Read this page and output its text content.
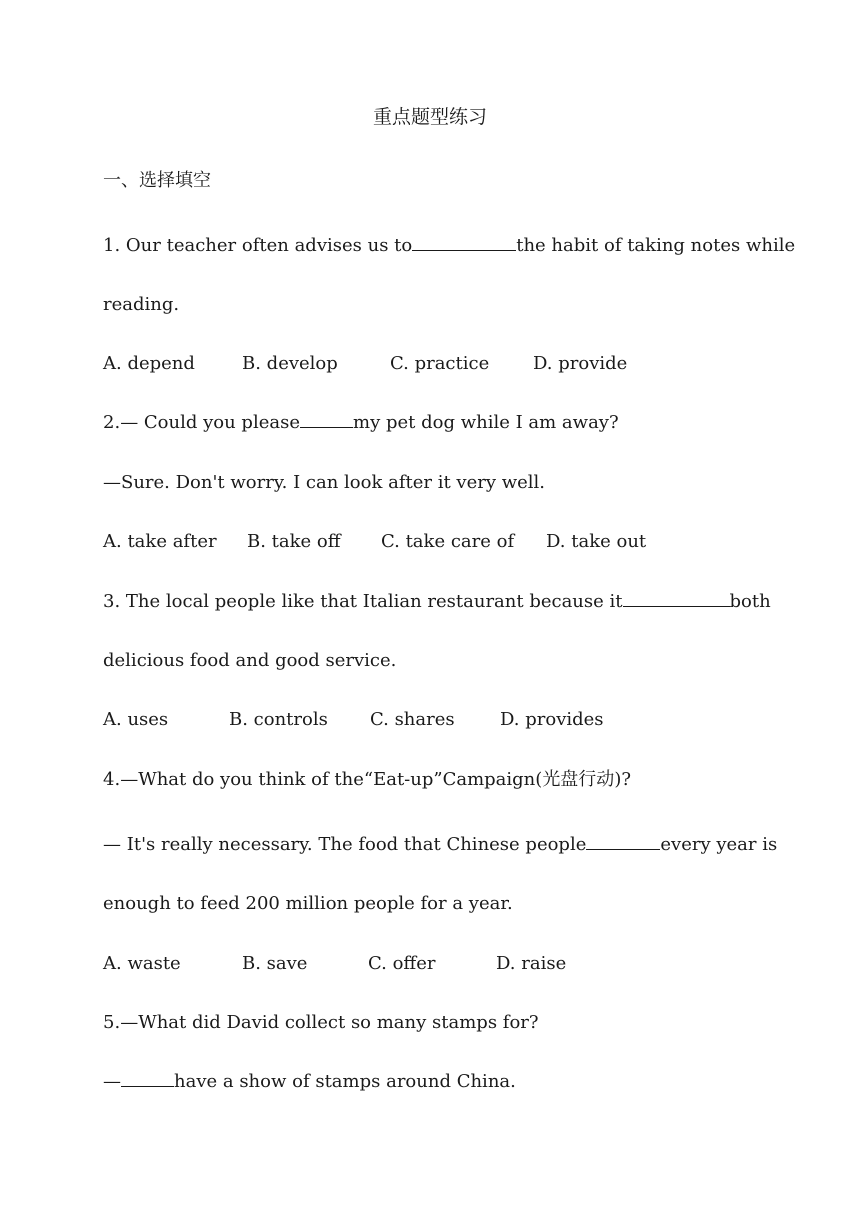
重点题型练习
一、选择填空
1. Our teacher often advises us to	the habit of taking notes while
reading.
A. depend	B. develop	C. practice D. provide
2.— Could you please	my pet dog while I am away?
—Sure. Don't worry. I can look after it very well.
A. take after B. take off C. take care of D. take out
3. The local people like that Italian restaurant because it	both
delicious food and good service.
A. uses	B. controls C. shares	D. provides
4.—What do you think of the“Eat-up”Campaign(光盘行动)?
— It's really necessary. The food that Chinese people	every year is
enough to feed 200 million people for a year.
A. waste	B. save	C. offer	D. raise
5.—What did David collect so many stamps for?
—	have a show of stamps around China.
